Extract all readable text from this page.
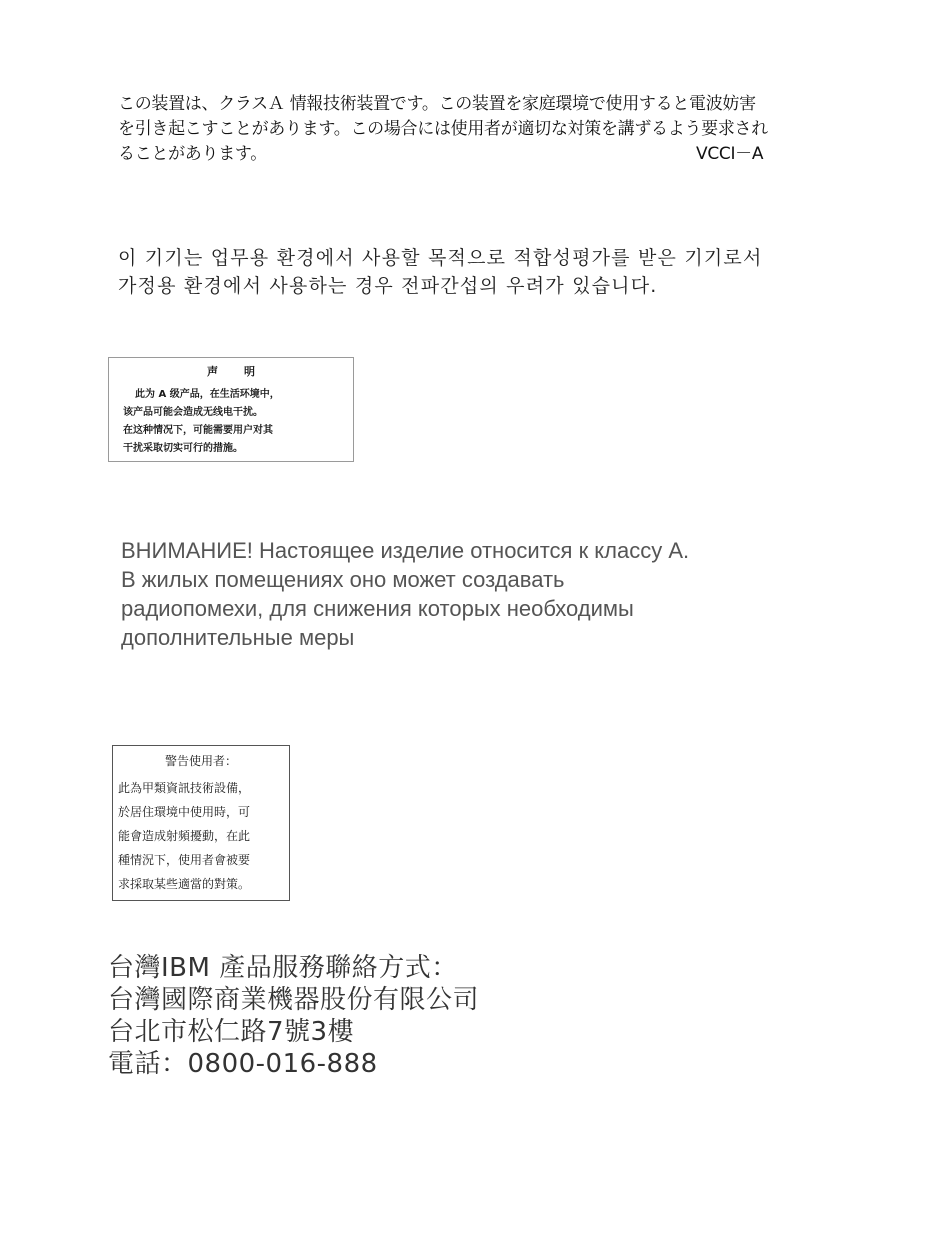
この装置は、クラスＡ 情報技術装置です。この装置を家庭環境で使用すると電波妨害
を引き起こすことがあります。この場合には使用者が適切な対策を講ずるよう要求され
ることがあります。	VCCI－A
이 기기는 업무용 환경에서 사용할 목적으로 적합성평가를 받은 기기로서
가정용 환경에서 사용하는 경우 전파간섭의 우려가 있습니다.
声明
此为 A 级产品，在生活环境中，
该产品可能会造成无线电干扰。
在这种情况下，可能需要用户对其
干扰采取切实可行的措施。
ВНИМАНИЕ! Настоящее изделие относится к классу А.
В жилых помещениях оно может создавать
радиопомехи, для снижения которых необходимы
дополнительные меры
警告使用者：
此為甲類資訊技術設備，
於居住環境中使用時，可
能會造成射頻擾動，在此
種情況下，使用者會被要
求採取某些適當的對策。
台灣IBM 產品服務聯絡方式：
台灣國際商業機器股份有限公司
台北市松仁路7號3樓
電話：0800-016-888
